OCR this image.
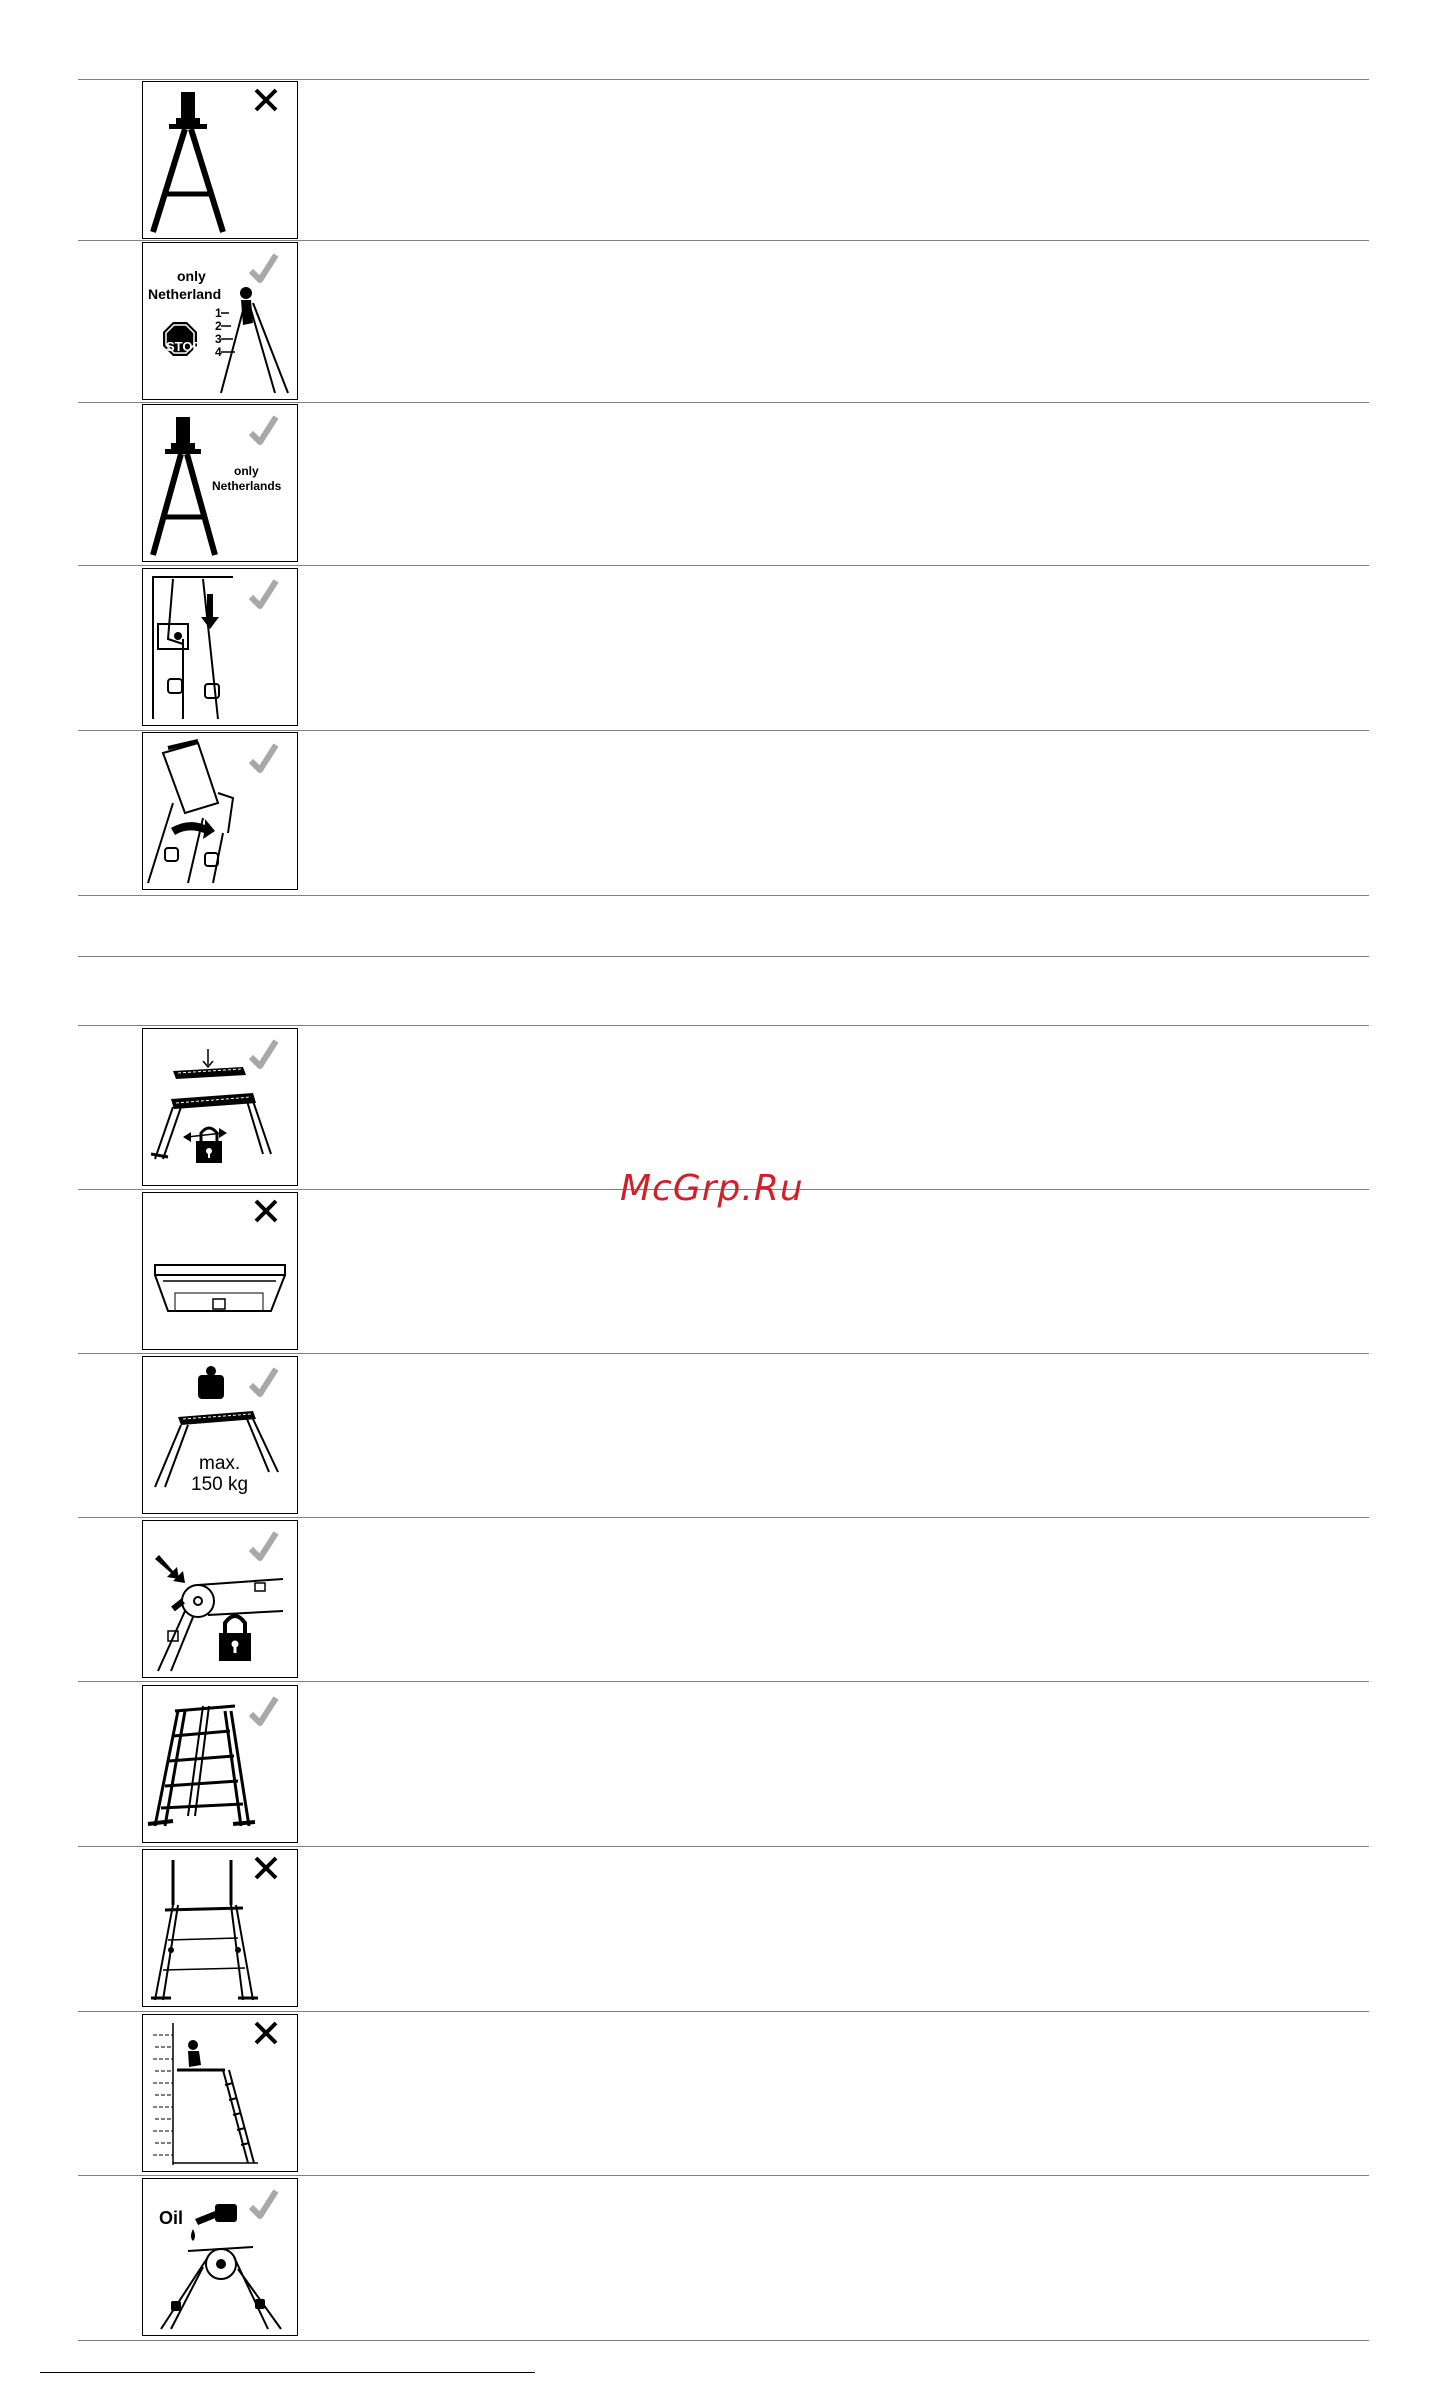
only
Netherland
1
2
3
4
STOP
only
Netherlands
max.
150 kg
Oil
McGrp.Ru
